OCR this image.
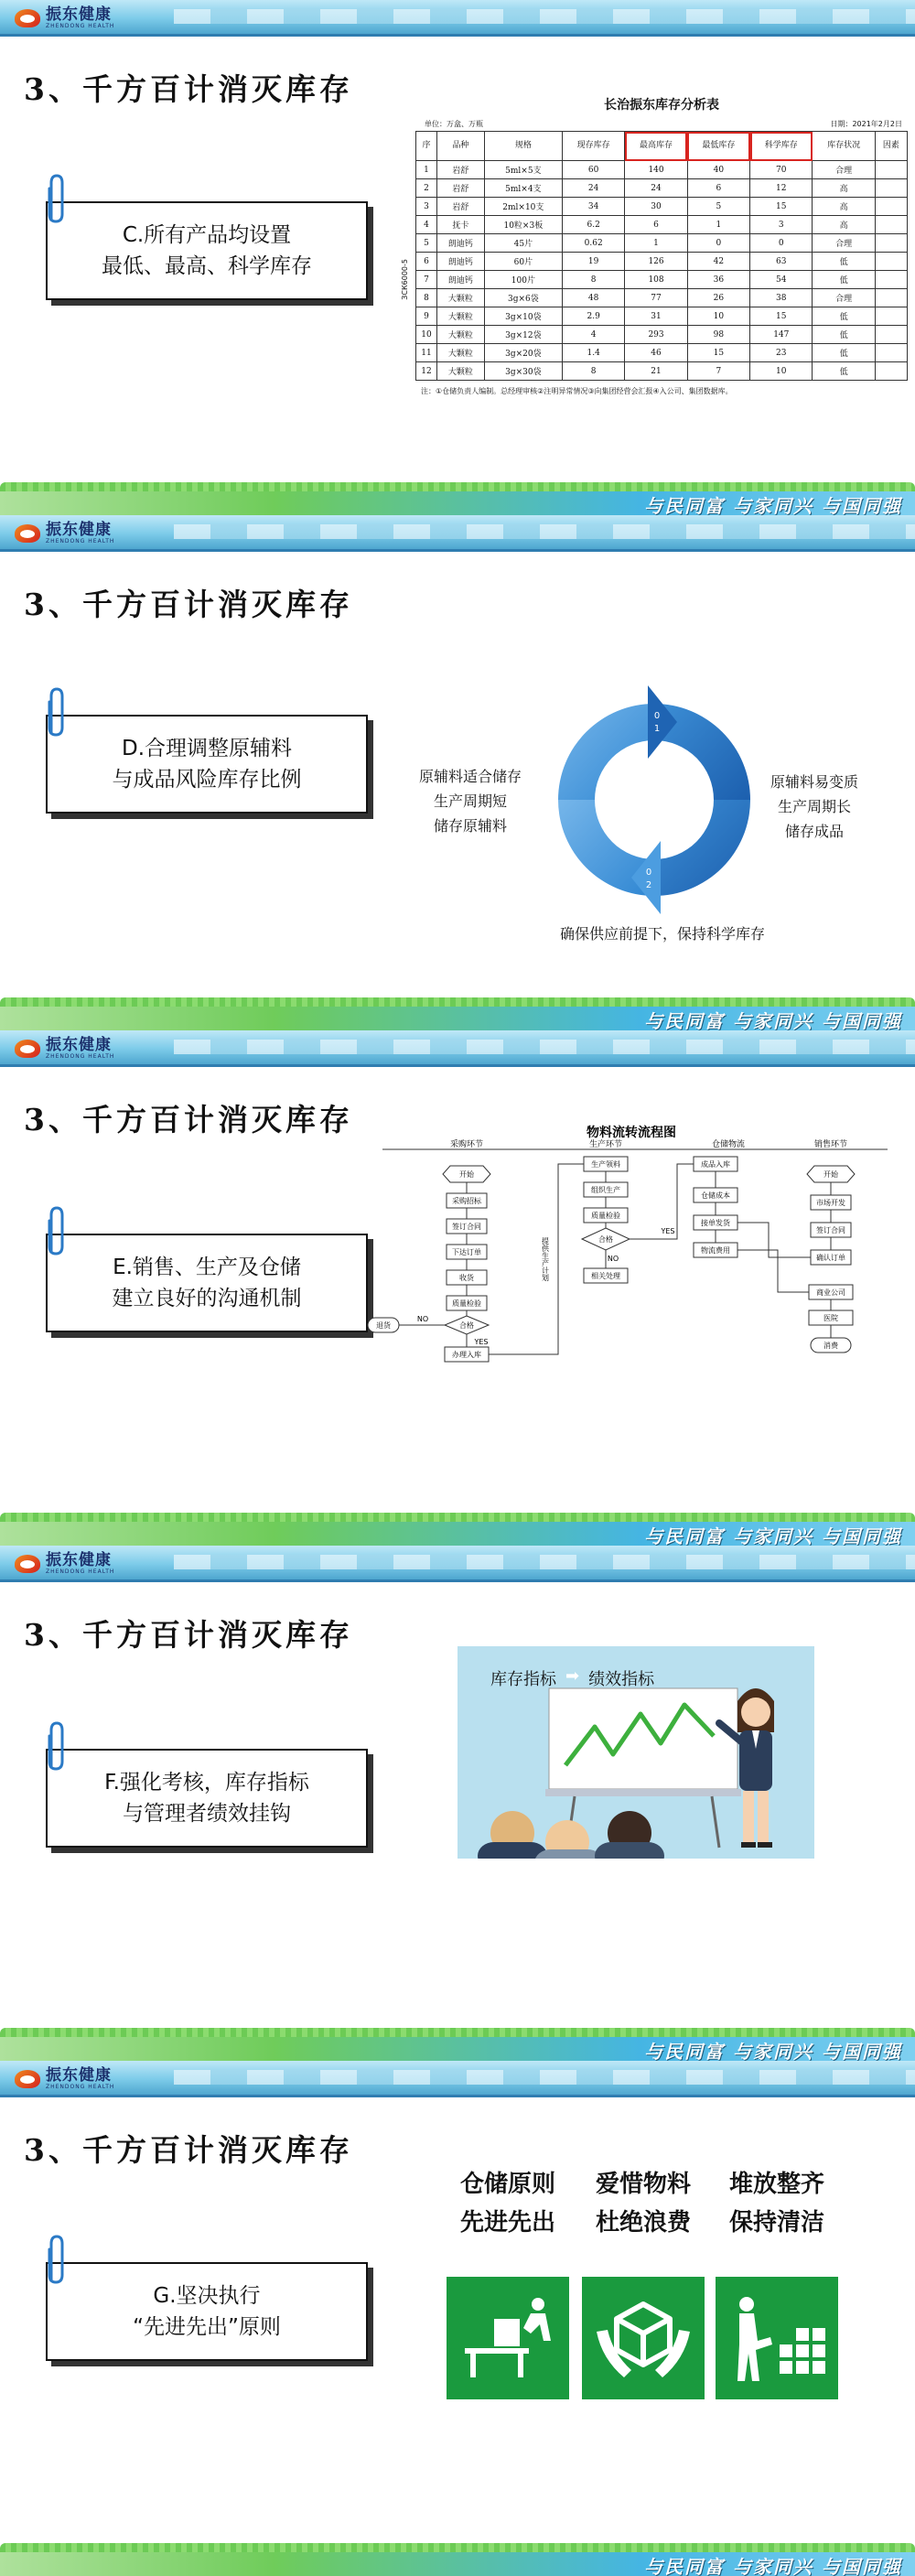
振东健康
ZHENDONG HEALTH
3、千方百计消灭库存
C.所有产品均设置
最低、最高、科学库存
长治振东库存分析表
单位：万盒、万瓶	日期：2021年2月2日
ЗСК6000-5
序	品种	规格	现存库存	最高库存	最低库存	科学库存	库存状况	因素
1	岩舒	5ml×5支	60	140	40	70	合理	
2	岩舒	5ml×4支	24	24	6	12	高	
3	岩舒	2ml×10支	34	30	5	15	高	
4	抚卡	10粒×3板	6.2	6	1	3	高	
5	朗迪钙	45片	0.62	1	0	0	合理	
6	朗迪钙	60片	19	126	42	63	低	
7	朗迪钙	100片	8	108	36	54	低	
8	大颗粒	3g×6袋	48	77	26	38	合理	
9	大颗粒	3g×10袋	2.9	31	10	15	低	
10	大颗粒	3g×12袋	4	293	98	147	低	
11	大颗粒	3g×20袋	1.4	46	15	23	低	
12	大颗粒	3g×30袋	8	21	7	10	低	
注：①仓储负责人编制。总经理审核②注明异常情况③向集团经营会汇报④入公司、集团数据库。
与民同富 与家同兴 与国同强
振东健康
ZHENDONG HEALTH
3、千方百计消灭库存
D.合理调整原辅料
与成品风险库存比例
0
1
0
2
原辅料适合储存
生产周期短
储存原辅料
原辅料易变质
生产周期长
储存成品
确保供应前提下，保持科学库存
与民同富 与家同兴 与国同强
振东健康
ZHENDONG HEALTH
3、千方百计消灭库存
E.销售、生产及仓储
建立良好的沟通机制
物料流转流程图
采购环节	生产环节	仓储物流	销售环节
开始
采购招标
签订合同
下达订单
收货
质量检验
合格
办理入库
退货
NO
YES
生产领料
组织生产
质量检验
合格
相关处理
NO
YES
成品入库
仓储成本
接单发货
物流费用
开始
市场开发
签订合同
确认订单
商业公司
医院
消费
提供生产计划
与民同富 与家同兴 与国同强
振东健康
ZHENDONG HEALTH
3、千方百计消灭库存
F.强化考核，库存指标
与管理者绩效挂钩
库存指标 ➡ 绩效指标
与民同富 与家同兴 与国同强
振东健康
ZHENDONG HEALTH
3、千方百计消灭库存
G.坚决执行
“先进先出”原则
仓储原则
先进先出
爱惜物料
杜绝浪费
堆放整齐
保持清洁
与民同富 与家同兴 与国同强
